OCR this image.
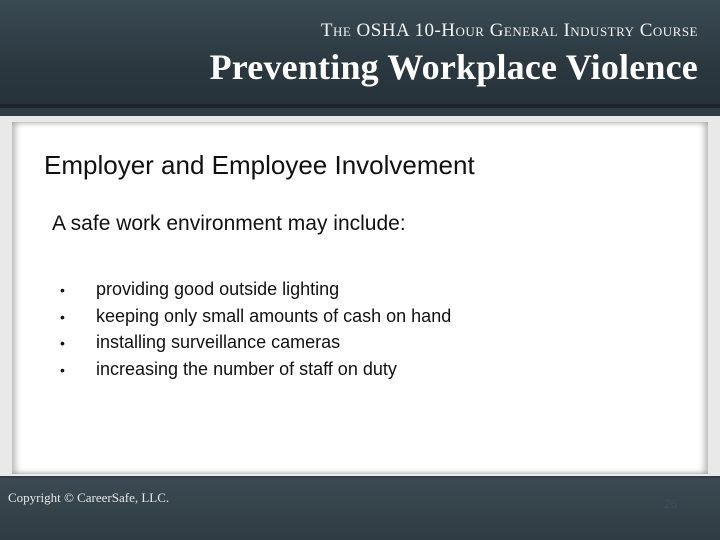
The OSHA 10-Hour General Industry Course
Preventing Workplace Violence
Employer and Employee Involvement
A safe work environment may include:
• providing good outside lighting
• keeping only small amounts of cash on hand
• installing surveillance cameras
• increasing the number of staff on duty
Copyright © CareerSafe, LLC.	26
